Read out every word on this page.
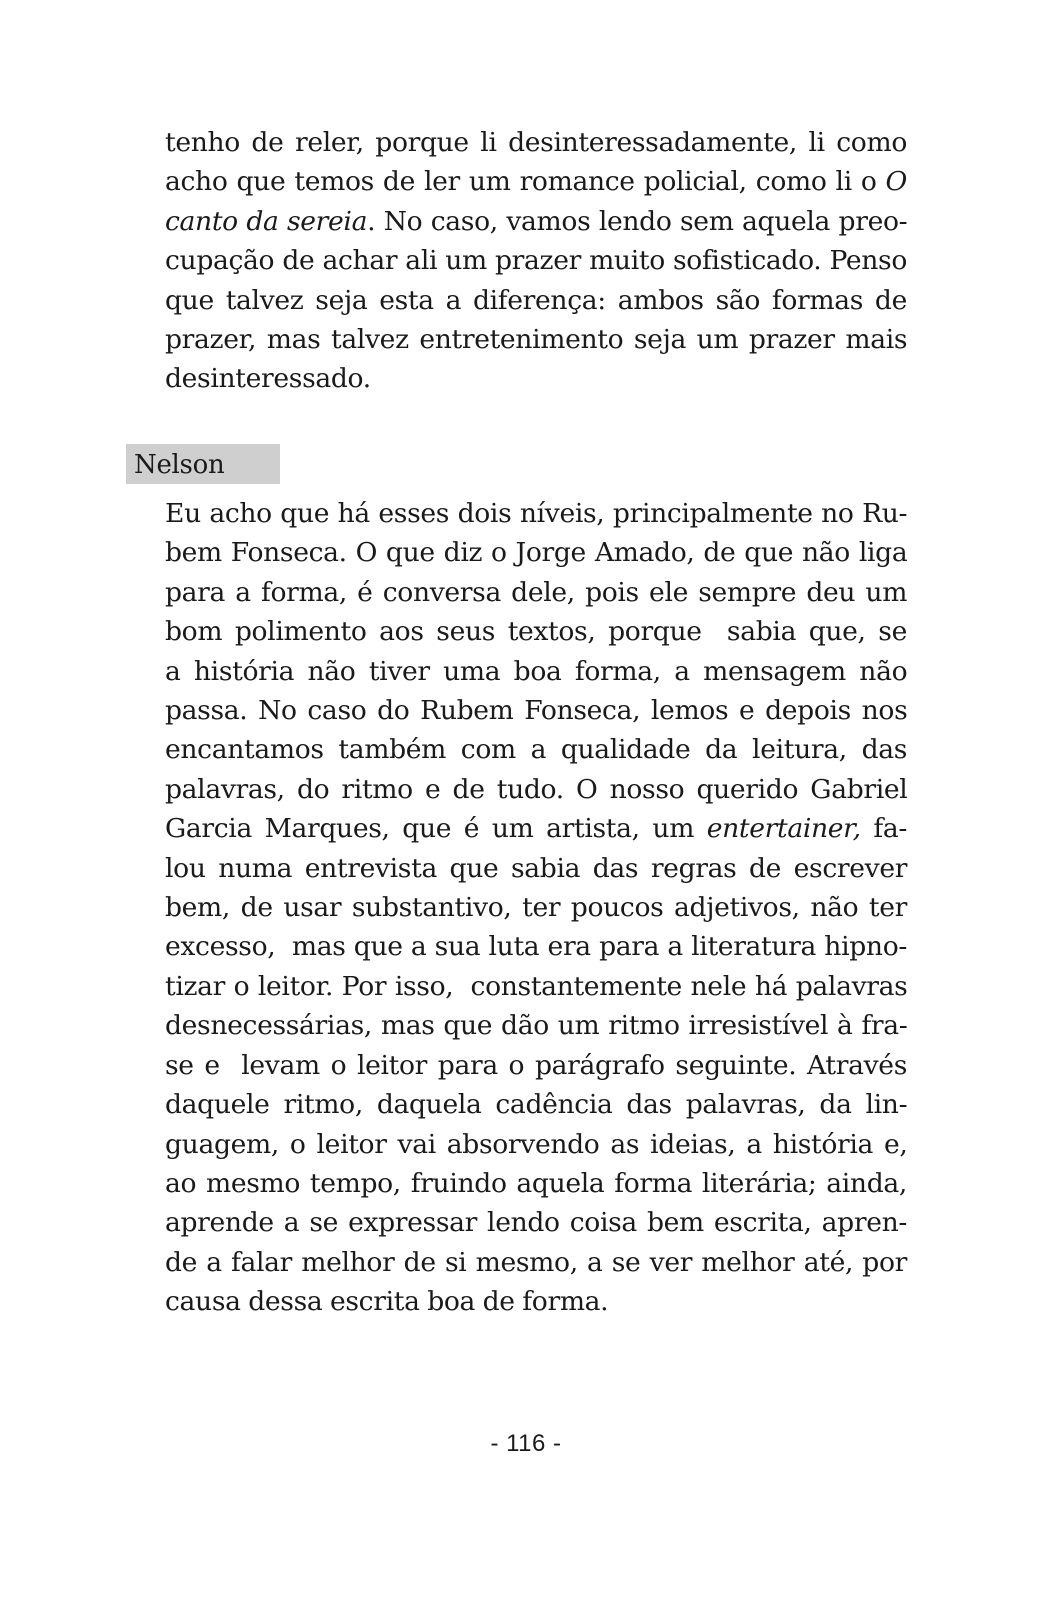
tenho de reler, porque li desinteressadamente, li como
acho que temos de ler um romance policial, como li o O
canto da sereia. No caso, vamos lendo sem aquela preo-
cupação de achar ali um prazer muito sofisticado. Penso
que talvez seja esta a diferença: ambos são formas de
prazer, mas talvez entretenimento seja um prazer mais
desinteressado.
Nelson
Eu acho que há esses dois níveis, principalmente no Ru-
bem Fonseca. O que diz o Jorge Amado, de que não liga
para a forma, é conversa dele, pois ele sempre deu um
bom polimento aos seus textos, porque  sabia que, se
a história não tiver uma boa forma, a mensagem não
passa. No caso do Rubem Fonseca, lemos e depois nos
encantamos também com a qualidade da leitura, das
palavras, do ritmo e de tudo. O nosso querido Gabriel
Garcia Marques, que é um artista, um entertainer, fa-
lou numa entrevista que sabia das regras de escrever
bem, de usar substantivo, ter poucos adjetivos, não ter
excesso,  mas que a sua luta era para a literatura hipno-
tizar o leitor. Por isso,  constantemente nele há palavras
desnecessárias, mas que dão um ritmo irresistível à fra-
se e  levam o leitor para o parágrafo seguinte. Através
daquele ritmo, daquela cadência das palavras, da lin-
guagem, o leitor vai absorvendo as ideias, a história e,
ao mesmo tempo, fruindo aquela forma literária; ainda,
aprende a se expressar lendo coisa bem escrita, apren-
de a falar melhor de si mesmo, a se ver melhor até, por
causa dessa escrita boa de forma.
- 116 -
